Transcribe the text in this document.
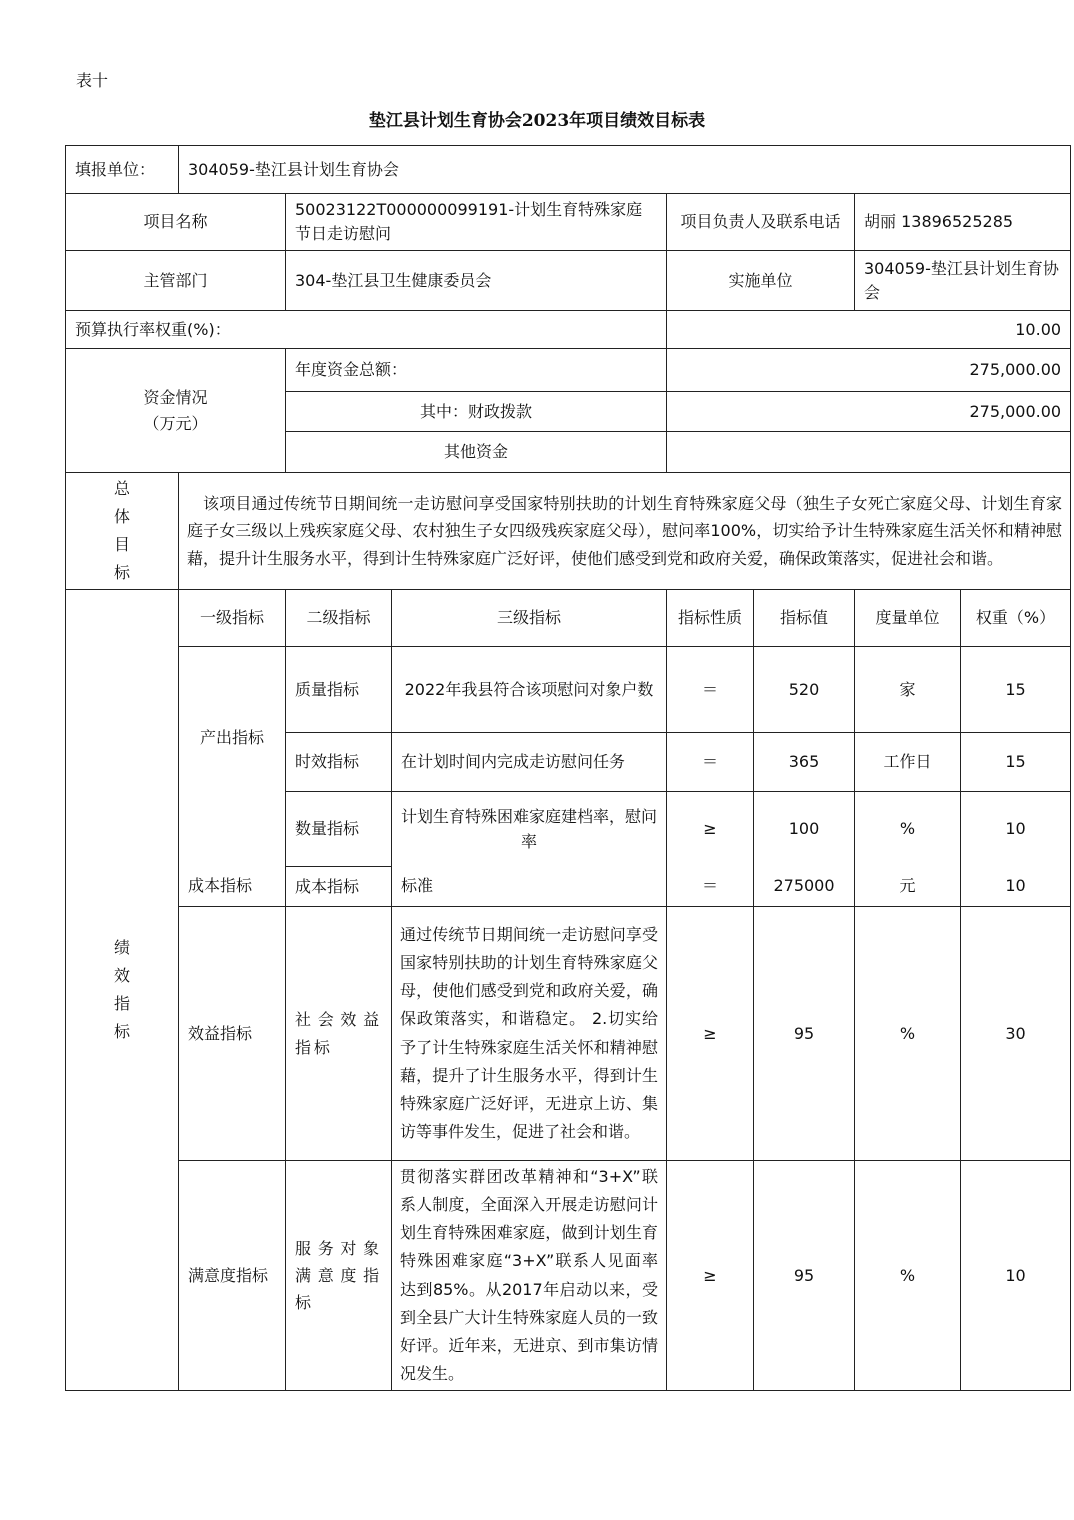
表十
垫江县计划生育协会2023年项目绩效目标表
填报单位：	304059-垫江县计划生育协会						
项目名称		50023122T000000099191-计划生育特殊家庭节日走访慰问		项目负责人及联系电话		胡丽 13896525285	
主管部门		304-垫江县卫生健康委员会		实施单位		304059-垫江县计划生育协会	
预算执行率权重(%)：				10.00			

资金情况
（万元）		年度资金总额：		275,000.00			
		其中：财政拨款		275,000.00			
		其他资金					

总
体
目
标	该项目通过传统节日期间统一走访慰问享受国家特别扶助的计划生育特殊家庭父母（独生子女死亡家庭父母、计划生育家庭子女三级以上残疾家庭父母、农村独生子女四级残疾家庭父母），慰问率100%，切实给予计生特殊家庭生活关怀和精神慰藉，提升计生服务水平，得到计生特殊家庭广泛好评，使他们感受到党和政府关爱，确保政策落实，促进社会和谐。						

绩
效
指
标	一级指标	二级指标	三级指标	指标性质	指标值	度量单位	权重（%）
	产出指标	质量指标	2022年我县符合该项慰问对象户数	＝	520	家	15
		时效指标	在计划时间内完成走访慰问任务	＝	365	工作日	15
		数量指标	计划生育特殊困难家庭建档率，慰问率	≥	100	%	10
	成本指标	成本指标	标准	＝	275000	元	10
	效益指标	社会效益指标	通过传统节日期间统一走访慰问享受国家特别扶助的计划生育特殊家庭父母，使他们感受到党和政府关爱，确保政策落实，和谐稳定。 2.切实给予了计生特殊家庭生活关怀和精神慰藉，提升了计生服务水平，得到计生特殊家庭广泛好评，无进京上访、集访等事件发生，促进了社会和谐。	≥	95	%	30
	满意度指标	服务对象满意度指标	贯彻落实群团改革精神和“3+X”联系人制度，全面深入开展走访慰问计划生育特殊困难家庭，做到计划生育特殊困难家庭“3+X”联系人见面率达到85%。从2017年启动以来，受到全县广大计生特殊家庭人员的一致好评。近年来，无进京、到市集访情况发生。	≥	95	%	10
